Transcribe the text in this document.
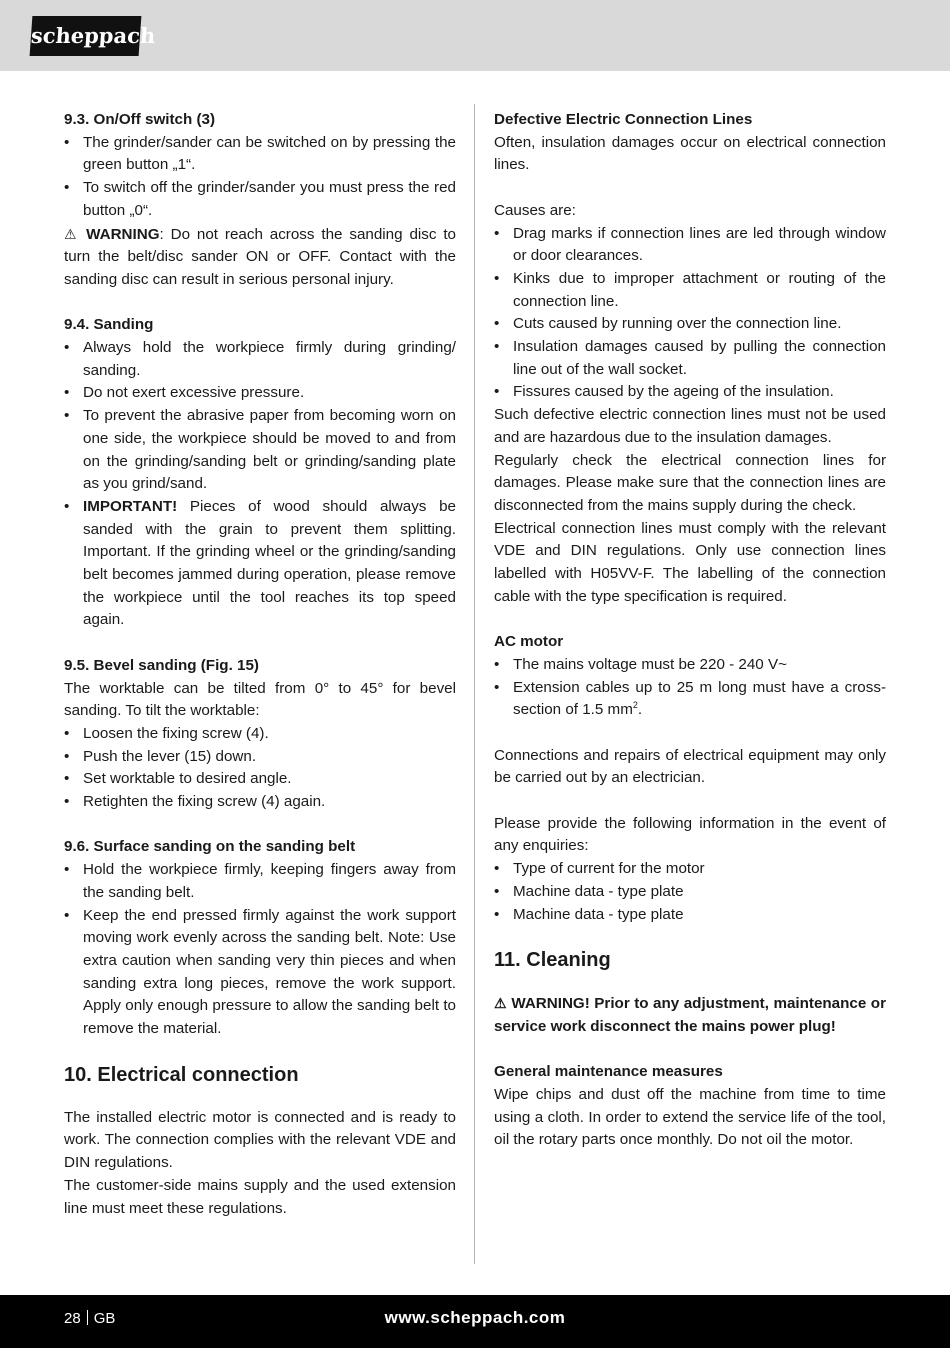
scheppach

9.3. On/Off switch (3)

• The grinder/sander can be switched on by pressing the green button „1“.
• To switch off the grinder/sander you must press the red button „0“.

⚠ WARNING: Do not reach across the sanding disc to turn the belt/disc sander ON or OFF. Contact with the sanding disc can result in serious personal injury.

9.4. Sanding

• Always hold the workpiece firmly during grinding/ sanding.
• Do not exert excessive pressure.
• To prevent the abrasive paper from becoming worn on one side, the workpiece should be moved to and from on the grinding/sanding belt or grinding/sanding plate as you grind/sand.
• IMPORTANT! Pieces of wood should always be sanded with the grain to prevent them splitting. Important. If the grinding wheel or the grinding/sanding belt becomes jammed during operation, please remove the workpiece until the tool reaches its top speed again.

9.5. Bevel sanding (Fig. 15)

The worktable can be tilted from 0° to 45° for bevel sanding. To tilt the worktable:

• Loosen the fixing screw (4).
• Push the lever (15) down.
• Set worktable to desired angle.
• Retighten the fixing screw (4) again.

9.6. Surface sanding on the sanding belt

• Hold the workpiece firmly, keeping fingers away from the sanding belt.
• Keep the end pressed firmly against the work support moving work evenly across the sanding belt. Note: Use extra caution when sanding very thin pieces and when sanding extra long pieces, remove the work support. Apply only enough pressure to allow the sanding belt to remove the material.

10. Electrical connection

The installed electric motor is connected and is ready to work. The connection complies with the relevant VDE and DIN regulations.

The customer-side mains supply and the used extension line must meet these regulations.

Defective Electric Connection Lines

Often, insulation damages occur on electrical connection lines.

Causes are:

• Drag marks if connection lines are led through window or door clearances.
• Kinks due to improper attachment or routing of the connection line.
• Cuts caused by running over the connection line.
• Insulation damages caused by pulling the connection line out of the wall socket.
• Fissures caused by the ageing of the insulation.

Such defective electric connection lines must not be used and are hazardous due to the insulation damages.

Regularly check the electrical connection lines for damages. Please make sure that the connection lines are disconnected from the mains supply during the check.

Electrical connection lines must comply with the relevant VDE and DIN regulations. Only use connection lines labelled with H05VV-F. The labelling of the connection cable with the type specification is required.

AC motor

• The mains voltage must be 220 - 240 V~
• Extension cables up to 25 m long must have a cross-section of 1.5 $mm^2$.

Connections and repairs of electrical equipment may only be carried out by an electrician.

Please provide the following information in the event of any enquiries:

• Type of current for the motor
• Machine data - type plate
• Machine data - type plate

11. Cleaning

⚠ WARNING! Prior to any adjustment, maintenance or service work disconnect the mains power plug!

General maintenance measures

Wipe chips and dust off the machine from time to time using a cloth. In order to extend the service life of the tool, oil the rotary parts once monthly. Do not oil the motor.

28 GB	www.scheppach.com
